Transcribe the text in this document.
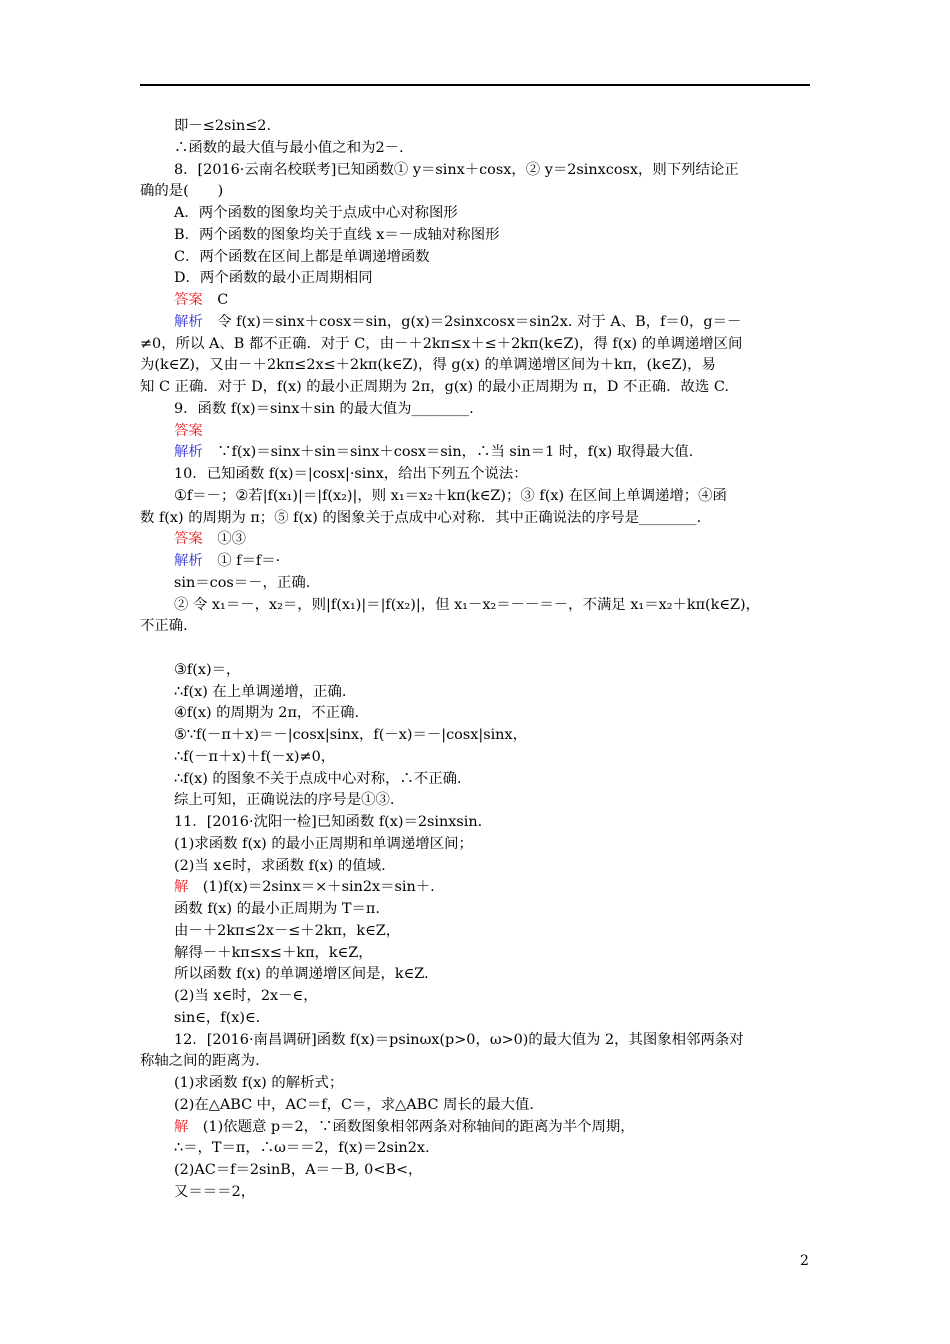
即－≤2sin≤2.
∴函数的最大值与最小值之和为2－.
8．[2016·云南名校联考]已知函数① y＝sinx＋cosx，② y＝2sinxcosx，则下列结论正
确的是(　　)
A．两个函数的图象均关于点成中心对称图形
B．两个函数的图象均关于直线 x＝－成轴对称图形
C．两个函数在区间上都是单调递增函数
D．两个函数的最小正周期相同
答案　C
解析　令 f(x)＝sinx＋cosx＝sin，g(x)＝2sinxcosx＝sin2x. 对于 A、B，f＝0，g＝－
≠0，所以 A、B 都不正确．对于 C，由－＋2kπ≤x＋≤＋2kπ(k∈Z)，得 f(x) 的单调递增区间
为(k∈Z)，又由－＋2kπ≤2x≤＋2kπ(k∈Z)，得 g(x) 的单调递增区间为＋kπ，(k∈Z)，易
知 C 正确．对于 D，f(x) 的最小正周期为 2π，g(x) 的最小正周期为 π，D 不正确．故选 C.
9．函数 f(x)＝sinx＋sin 的最大值为________.
答案
解析　∵f(x)＝sinx＋sin＝sinx＋cosx＝sin，∴当 sin＝1 时，f(x) 取得最大值.
10．已知函数 f(x)＝|cosx|·sinx，给出下列五个说法：
①f＝－；②若|f(x₁)|＝|f(x₂)|，则 x₁＝x₂＋kπ(k∈Z)；③ f(x) 在区间上单调递增；④函
数 f(x) 的周期为 π；⑤ f(x) 的图象关于点成中心对称．其中正确说法的序号是________.
答案　①③
解析　① f＝f＝·
sin＝cos＝－，正确.
② 令 x₁＝－，x₂＝，则|f(x₁)|＝|f(x₂)|，但 x₁－x₂＝－－＝－，不满足 x₁＝x₂＋kπ(k∈Z)，
不正确.
③f(x)＝，
∴f(x) 在上单调递增，正确.
④f(x) 的周期为 2π，不正确.
⑤∵f(－π＋x)＝－|cosx|sinx，f(－x)＝－|cosx|sinx，
∴f(－π＋x)＋f(－x)≠0，
∴f(x) 的图象不关于点成中心对称，∴不正确.
综上可知，正确说法的序号是①③.
11．[2016·沈阳一检]已知函数 f(x)＝2sinxsin.
(1)求函数 f(x) 的最小正周期和单调递增区间；
(2)当 x∈时，求函数 f(x) 的值域.
解　(1)f(x)＝2sinx＝×＋sin2x＝sin＋.
函数 f(x) 的最小正周期为 T＝π.
由－＋2kπ≤2x－≤＋2kπ，k∈Z，
解得－＋kπ≤x≤＋kπ，k∈Z，
所以函数 f(x) 的单调递增区间是，k∈Z.
(2)当 x∈时，2x－∈，
sin∈，f(x)∈.
12．[2016·南昌调研]函数 f(x)＝psinωx(p>0，ω>0)的最大值为 2，其图象相邻两条对
称轴之间的距离为.
(1)求函数 f(x) 的解析式；
(2)在△ABC 中，AC＝f，C＝，求△ABC 周长的最大值.
解　(1)依题意 p＝2，∵函数图象相邻两条对称轴间的距离为半个周期，
∴＝，T＝π，∴ω＝＝2，f(x)＝2sin2x.
(2)AC＝f＝2sinB，A＝－B, 0<B<，
又＝＝＝2，
2
